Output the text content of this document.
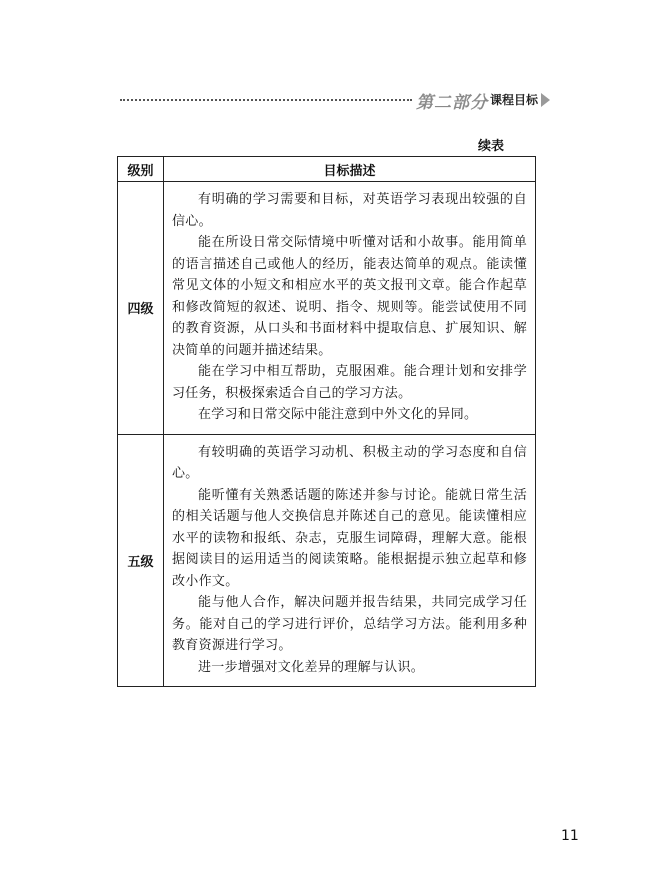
第二部分 课程目标
续表
级别	目标描述
四级	有明确的学习需要和目标，对英语学习表现出较强的自信心。

能在所设日常交际情境中听懂对话和小故事。能用简单的语言描述自己或他人的经历，能表达简单的观点。能读懂常见文体的小短文和相应水平的英文报刊文章。能合作起草和修改简短的叙述、说明、指令、规则等。能尝试使用不同的教育资源，从口头和书面材料中提取信息、扩展知识、解决简单的问题并描述结果。

能在学习中相互帮助，克服困难。能合理计划和安排学习任务，积极探索适合自己的学习方法。

在学习和日常交际中能注意到中外文化的异同。

五级	有较明确的英语学习动机、积极主动的学习态度和自信心。

能听懂有关熟悉话题的陈述并参与讨论。能就日常生活的相关话题与他人交换信息并陈述自己的意见。能读懂相应水平的读物和报纸、杂志，克服生词障碍，理解大意。能根据阅读目的运用适当的阅读策略。能根据提示独立起草和修改小作文。

能与他人合作，解决问题并报告结果，共同完成学习任务。能对自己的学习进行评价，总结学习方法。能利用多种教育资源进行学习。

进一步增强对文化差异的理解与认识。

11
